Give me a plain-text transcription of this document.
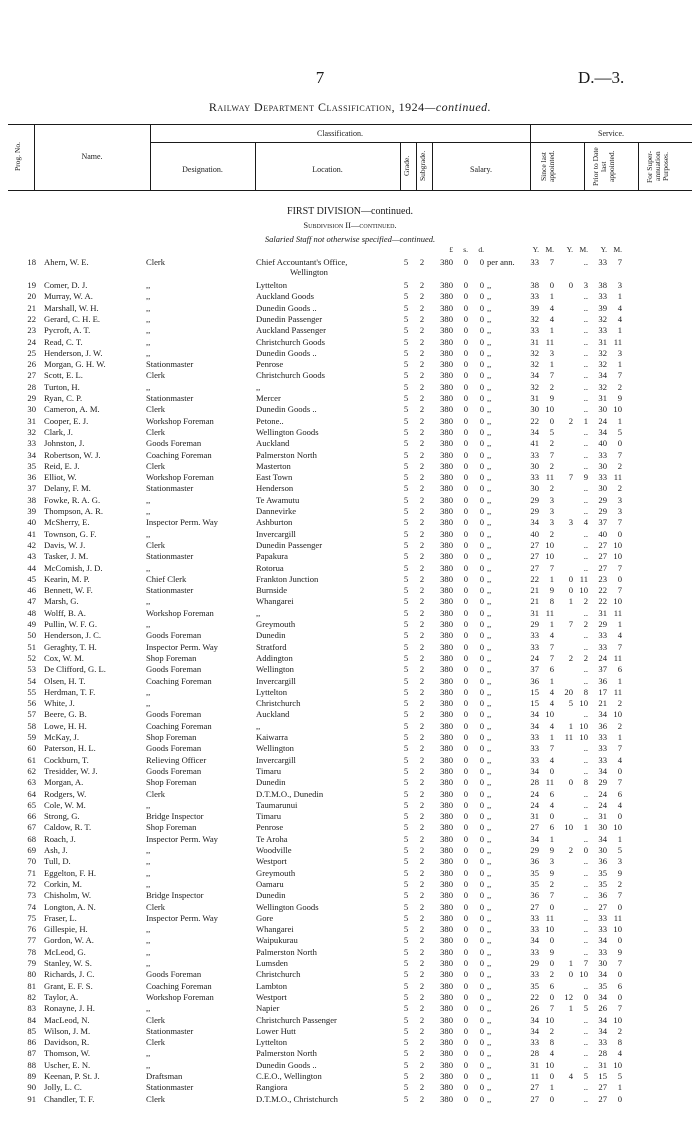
7	D.—3.
Railway Department Classification, 1924—continued.
Prog. No.	Name.
Classification.	Service.
Designation.	Location.	Grade. Subgrade.	Salary.	Since last appointed.	Prior to Date last appointed.	For Super-annuation Purposes.
FIRST DIVISION—continued.
Subdivision II—continued.
Salaried Staff not otherwise specified—continued.
£	s.	d.	Y. M.	Y. M.	Y. M.
18 Ahern, W. E.	Clerk	Chief Accountant's Office,	5	2	380	0	0 per ann.	33	7	..	33	7
Wellington
19 Comer, D. J.	,,	Lyttelton	5	2	380	0	0 ,,	38	0	0	3	38	3
20 Murray, W. A.	,,	Auckland Goods	5	2	380	0	0 ,,	33	1	..	33	1
21 Marshall, W. H.	,,	Dunedin Goods ..	5	2	380	0	0 ,,	39	4	..	39	4
22 Gerard, C. H. E.	,,	Dunedin Passenger	5	2	380	0	0 ,,	32	4	..	32	4
23 Pycroft, A. T.	,,	Auckland Passenger	5	2	380	0	0 ,,	33	1	..	33	1
24 Read, C. T.	,,	Christchurch Goods	5	2	380	0	0 ,,	31 11	..	31 11
25 Henderson, J. W.	,,	Dunedin Goods ..	5	2	380	0	0 ,,	32	3	..	32	3
26 Morgan, G. H. W.	Stationmaster	Penrose	5	2	380	0	0 ,,	32	1	..	32	1
27 Scott, E. L.	Clerk	Christchurch Goods	5	2	380	0	0 ,,	34	7	..	34	7
28 Turton, H.	,,	,,	5	2	380	0	0 ,,	32	2	..	32	2
29 Ryan, C. P.	Stationmaster	Mercer	5	2	380	0	0 ,,	31	9	..	31	9
30 Cameron, A. M.	Clerk	Dunedin Goods ..	5	2	380	0	0 ,,	30 10	..	30 10
31 Cooper, E. J.	Workshop Foreman	Petone..	5	2	380	0	0 ,,	22	0	2	1	24	1
32 Clark, J.	Clerk	Wellington Goods	5	2	380	0	0 ,,	34	5	..	34	5
33 Johnston, J.	Goods Foreman	Auckland	5	2	380	0	0 ,,	41	2	..	40	0
34 Robertson, W. J.	Coaching Foreman	Palmerston North	5	2	380	0	0 ,,	33	7	..	33	7
35 Reid, E. J.	Clerk	Masterton	5	2	380	0	0 ,,	30	2	..	30	2
36 Elliot, W.	Workshop Foreman	East Town	5	2	380	0	0 ,,	33 11	7	9	33 11
37 Delany, F. M.	Stationmaster	Henderson	5	2	380	0	0 ,,	30	2	..	30	2
38 Fowke, R. A. G.	,,	Te Awamutu	5	2	380	0	0 ,,	29	3	..	29	3
39 Thompson, A. R.	,,	Dannevirke	5	2	380	0	0 ,,	29	3	..	29	3
40 McSherry, E.	Inspector Perm. Way	Ashburton	5	2	380	0	0 ,,	34	3	3	4	37	7
41 Townson, G. F.	,,	Invercargill	5	2	380	0	0 ,,	40	2	..	40	0
42 Davis, W. J.	Clerk	Dunedin Passenger	5	2	380	0	0 ,,	27 10	..	27 10
43 Tasker, J. M.	Stationmaster	Papakura	5	2	380	0	0 ,,	27 10	..	27 10
44 McComish, J. D.	,,	Rotorua	5	2	380	0	0 ,,	27	7	..	27	7
45 Kearin, M. P.	Chief Clerk	Frankton Junction	5	2	380	0	0 ,,	22	1	0 11	23	0
46 Bennett, W. F.	Stationmaster	Burnside	5	2	380	0	0 ,,	21	9	0 10	22	7
47 Marsh, G.	,,	Whangarei	5	2	380	0	0 ,,	21	8	1	2	22 10
48 Wolff, B. A.	Workshop Foreman	,,	5	2	380	0	0 ,,	31 11	..	31 11
49 Pullin, W. F. G.	,,	Greymouth	5	2	380	0	0 ,,	29	1	7	2	29	1
50 Henderson, J. C.	Goods Foreman	Dunedin	5	2	380	0	0 ,,	33	4	..	33	4
51 Geraghty, T. H.	Inspector Perm. Way	Stratford	5	2	380	0	0 ,,	33	7	..	33	7
52 Cox, W. M.	Shop Foreman	Addington	5	2	380	0	0 ,,	24	7	2	2	24 11
53 De Clifford, G. L.	Goods Foreman	Wellington	5	2	380	0	0 ,,	37	6	..	37	6
54 Olsen, H. T.	Coaching Foreman	Invercargill	5	2	380	0	0 ,,	36	1	..	36	1
55 Herdman, T. F.	,,	Lyttelton	5	2	380	0	0 ,,	15	4	20	8	17 11
56 White, J.	,,	Christchurch	5	2	380	0	0 ,,	15	4	5 10	21	2
57 Beere, G. B.	Goods Foreman	Auckland	5	2	380	0	0 ,,	34 10	..	34 10
58 Lowe, H. H.	Coaching Foreman	,,	5	2	380	0	0 ,,	34	4	1 10	36	2
59 McKay, J.	Shop Foreman	Kaiwarra	5	2	380	0	0 ,,	33	1	11 10	33	1
60 Paterson, H. L.	Goods Foreman	Wellington	5	2	380	0	0 ,,	33	7	..	33	7
61 Cockburn, T.	Relieving Officer	Invercargill	5	2	380	0	0 ,,	33	4	..	33	4
62 Tresidder, W. J.	Goods Foreman	Timaru	5	2	380	0	0 ,,	34	0	..	34	0
63 Morgan, A.	Shop Foreman	Dunedin	5	2	380	0	0 ,,	28 11	0	8	29	7
64 Rodgers, W.	Clerk	D.T.M.O., Dunedin	5	2	380	0	0 ,,	24	6	..	24	6
65 Cole, W. M.	,,	Taumarunui	5	2	380	0	0 ,,	24	4	..	24	4
66 Strong, G.	Bridge Inspector	Timaru	5	2	380	0	0 ,,	31	0	..	31	0
67 Caldow, R. T.	Shop Foreman	Penrose	5	2	380	0	0 ,,	27	6	10	1	30 10
68 Roach, J.	Inspector Perm. Way	Te Aroha	5	2	380	0	0 ,,	34	1	..	34	1
69 Ash, J.	,,	Woodville	5	2	380	0	0 ,,	29	9	2	0	30	5
70 Tull, D.	,,	Westport	5	2	380	0	0 ,,	36	3	..	36	3
71 Eggelton, F. H.	,,	Greymouth	5	2	380	0	0 ,,	35	9	..	35	9
72 Corkin, M.	,,	Oamaru	5	2	380	0	0 ,,	35	2	..	35	2
73 Chisholm, W.	Bridge Inspector	Dunedin	5	2	380	0	0 ,,	36	7	..	36	7
74 Longton, A. N.	Clerk	Wellington Goods	5	2	380	0	0 ,,	27	0	..	27	0
75 Fraser, L.	Inspector Perm. Way	Gore	5	2	380	0	0 ,,	33 11	..	33 11
76 Gillespie, H.	,,	Whangarei	5	2	380	0	0 ,,	33 10	..	33 10
77 Gordon, W. A.	,,	Waipukurau	5	2	380	0	0 ,,	34	0	..	34	0
78 McLeod, G.	,,	Palmerston North	5	2	380	0	0 ,,	33	9	..	33	9
79 Stanley, W. S.	,,	Lumsden	5	2	380	0	0 ,,	29	0	1	7	30	7
80 Richards, J. C.	Goods Foreman	Christchurch	5	2	380	0	0 ,,	33	2	0 10	34	0
81 Grant, E. F. S.	Coaching Foreman	Lambton	5	2	380	0	0 ,,	35	6	..	35	6
82 Taylor, A.	Workshop Foreman	Westport	5	2	380	0	0 ,,	22	0	12	0	34	0
83 Ronayne, J. H.	,,	Napier	5	2	380	0	0 ,,	26	7	1	5	26	7
84 MacLeod, N.	Clerk	Christchurch Passenger	5	2	380	0	0 ,,	34 10	..	34 10
85 Wilson, J. M.	Stationmaster	Lower Hutt	5	2	380	0	0 ,,	34	2	..	34	2
86 Davidson, R.	Clerk	Lyttelton	5	2	380	0	0 ,,	33	8	..	33	8
87 Thomson, W.	,,	Palmerston North	5	2	380	0	0 ,,	28	4	..	28	4
88 Uscher, E. N.	,,	Dunedin Goods ..	5	2	380	0	0 ,,	31 10	..	31 10
89 Keenan, P. St. J.	Draftsman	C.E.O., Wellington	5	2	380	0	0 ,,	11	0	4	5	15	5
90 Jolly, L. C.	Stationmaster	Rangiora	5	2	380	0	0 ,,	27	1	..	27	1
91 Chandler, T. F.	Clerk	D.T.M.O., Christchurch	5	2	380	0	0 ,,	27	0	..	27	0
